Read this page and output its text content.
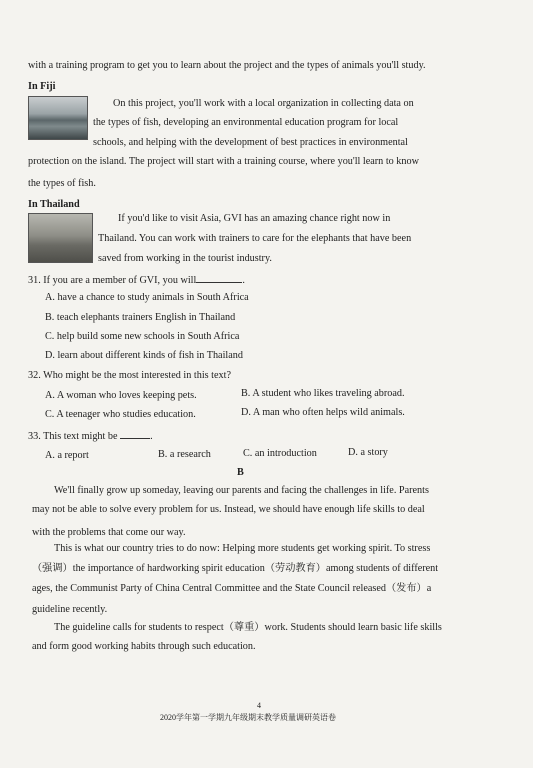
with a training program to get you to learn about the project and the types of animals you'll study.
In Fiji
On this project, you'll work with a local organization in collecting data on
the types of fish, developing an environmental education program for local
schools, and helping with the development of best practices in environmental
protection on the island. The project will start with a training course, where you'll learn to know
the types of fish.
In Thailand
If you'd like to visit Asia, GVI has an amazing chance right now in
Thailand. You can work with trainers to care for the elephants that have been
saved from working in the tourist industry.
31. If you are a member of GVI, you will	.
A. have a chance to study animals in South Africa
B. teach elephants trainers English in Thailand
C. help build some new schools in South Africa
D. learn about different kinds of fish in Thailand
32. Who might be the most interested in this text?
A. A woman who loves keeping pets.	B. A student who likes traveling abroad.
C. A teenager who studies education.	D. A man who often helps wild animals.
33. This text might be	.
A. a report	B. a research	C. an introduction	D. a story
B
We'll finally grow up someday, leaving our parents and facing the challenges in life. Parents
may not be able to solve every problem for us. Instead, we should have enough life skills to deal
with the problems that come our way.
This is what our country tries to do now: Helping more students get working spirit. To stress
（强调）the importance of hardworking spirit education（劳动教育）among students of different
ages, the Communist Party of China Central Committee and the State Council released（发布）a
guideline recently.
The guideline calls for students to respect（尊重）work. Students should learn basic life skills
and form good working habits through such education.
4
2020学年第一学期九年级期末教学质量调研英语卷
